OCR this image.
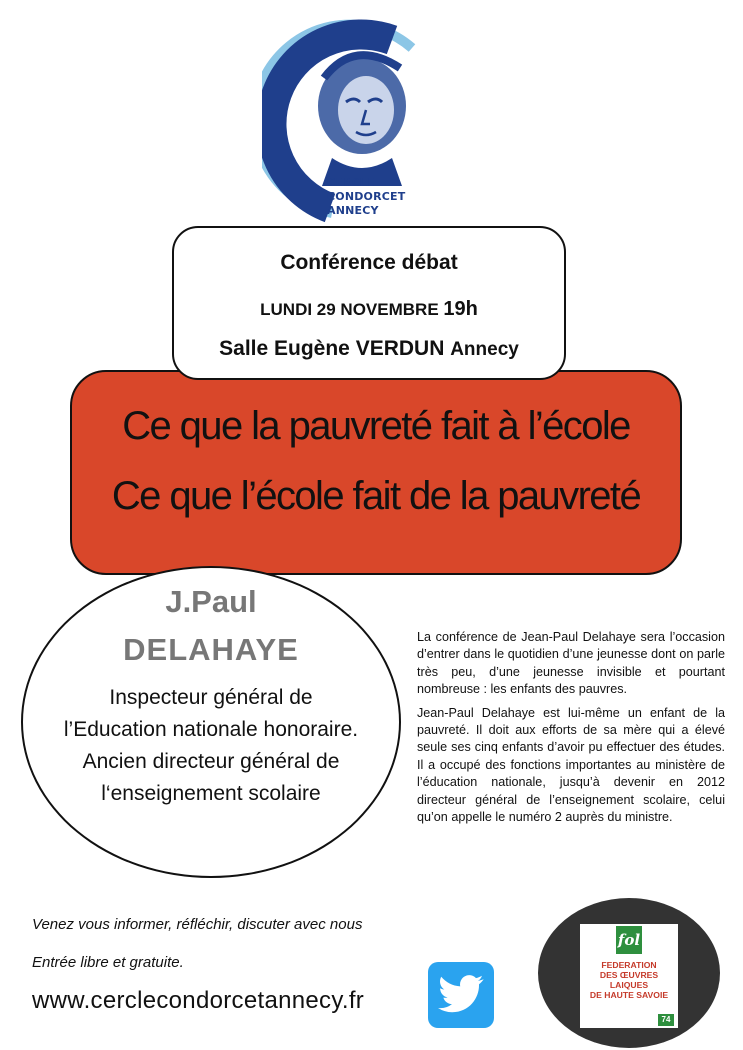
CERCLE
CONDORCET
ANNECY
Conférence débat
LUNDI 29 NOVEMBRE 19h
Salle Eugène VERDUN Annecy
Ce que la pauvreté fait à l’école
Ce que l’école fait de la pauvreté
J.Paul
DELAHAYE
Inspecteur général de l’Education nationale honoraire. Ancien directeur général de l‘enseignement scolaire

La conférence de Jean-Paul Delahaye sera l’occasion d’entrer dans le quotidien d’une jeunesse dont on parle très peu, d’une jeunesse invisible et pourtant nombreuse : les enfants des pauvres.

Jean-Paul Delahaye est lui-même un enfant de la pauvreté. Il doit aux efforts de sa mère qui a élevé seule ses cinq enfants d’avoir pu effectuer des études. Il a occupé des fonctions importantes au ministère de l’éducation nationale, jusqu’à devenir en 2012 directeur général de l’enseignement scolaire, celui qu’on appelle le numéro 2 auprès du ministre.

Venez vous informer, réfléchir, discuter avec nous
Entrée libre et gratuite.
www.cerclecondorcetannecy.fr
fol
FEDERATION
DES ŒUVRES
LAIQUES
DE HAUTE SAVOIE
74
